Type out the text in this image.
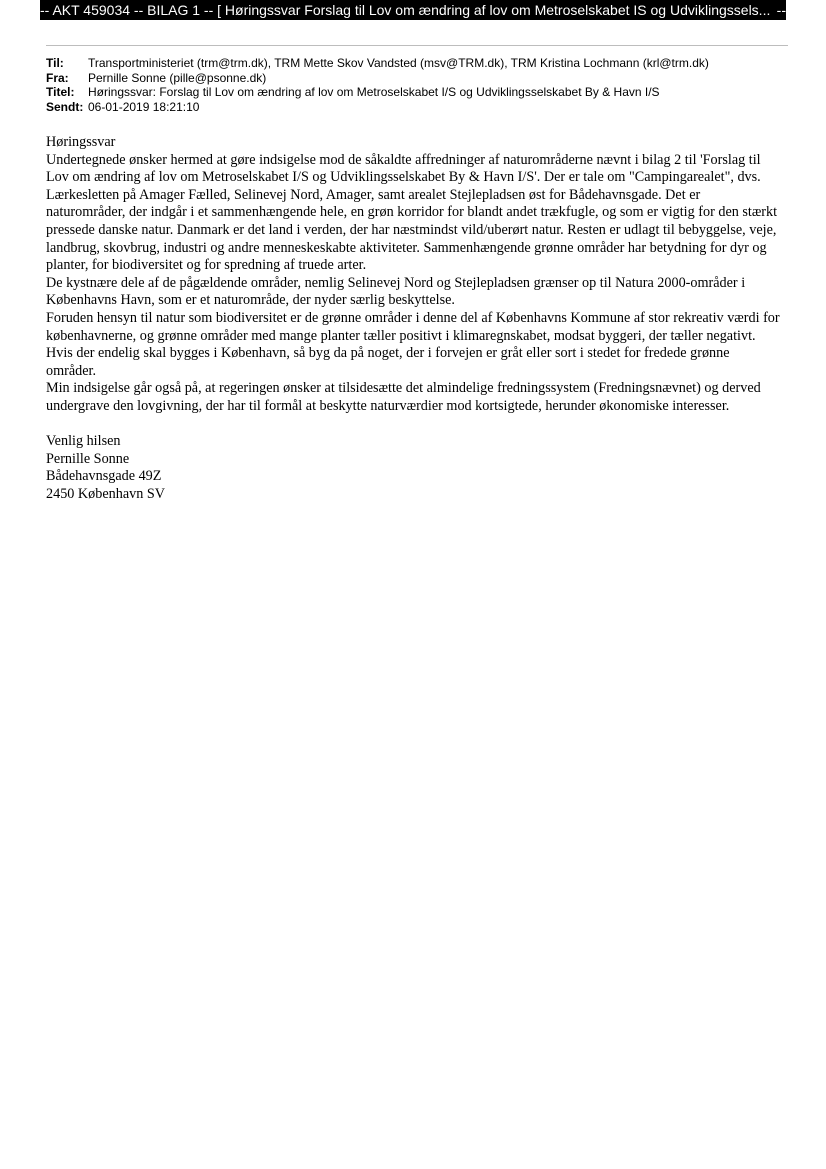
-- AKT 459034 -- BILAG 1 -- [ Høringssvar Forslag til Lov om ændring af lov om Metroselskabet IS og Udviklingssels... --
Til:	Transportministeriet (trm@trm.dk), TRM Mette Skov Vandsted (msv@TRM.dk), TRM Kristina Lochmann (krl@trm.dk)
Fra:	Pernille Sonne (pille@psonne.dk)
Titel:	Høringssvar: Forslag til Lov om ændring af lov om Metroselskabet I/S og Udviklingsselskabet By & Havn I/S
Sendt: 06-01-2019 18:21:10

Høringssvar

Undertegnede ønsker hermed at gøre indsigelse mod de såkaldte affredninger af naturområderne nævnt i bilag 2 til 'Forslag til Lov om ændring af lov om Metroselskabet I/S og Udviklingsselskabet By & Havn I/S'. Der er tale om "Campingarealet", dvs. Lærkesletten på Amager Fælled, Selinevej Nord, Amager, samt arealet Stejlepladsen øst for Bådehavnsgade. Det er naturområder, der indgår i et sammenhængende hele, en grøn korridor for blandt andet trækfugle, og som er vigtig for den stærkt pressede danske natur. Danmark er det land i verden, der har næstmindst vild/uberørt natur. Resten er udlagt til bebyggelse, veje, landbrug, skovbrug, industri og andre menneskeskabte aktiviteter. Sammenhængende grønne områder har betydning for dyr og planter, for biodiversitet og for spredning af truede arter.

De kystnære dele af de pågældende områder, nemlig Selinevej Nord og Stejlepladsen grænser op til Natura 2000-områder i Københavns Havn, som er et naturområde, der nyder særlig beskyttelse.

Foruden hensyn til natur som biodiversitet er de grønne områder i denne del af Københavns Kommune af stor rekreativ værdi for københavnerne, og grønne områder med mange planter tæller positivt i klimaregnskabet, modsat byggeri, der tæller negativt. Hvis der endelig skal bygges i København, så byg da på noget, der i forvejen er gråt eller sort i stedet for fredede grønne områder.

Min indsigelse går også på, at regeringen ønsker at tilsidesætte det almindelige fredningssystem (Fredningsnævnet) og derved undergrave den lovgivning, der har til formål at beskytte naturværdier mod kortsigtede, herunder økonomiske interesser.

Venlig hilsen

Pernille Sonne

Bådehavnsgade 49Z

2450 København SV
